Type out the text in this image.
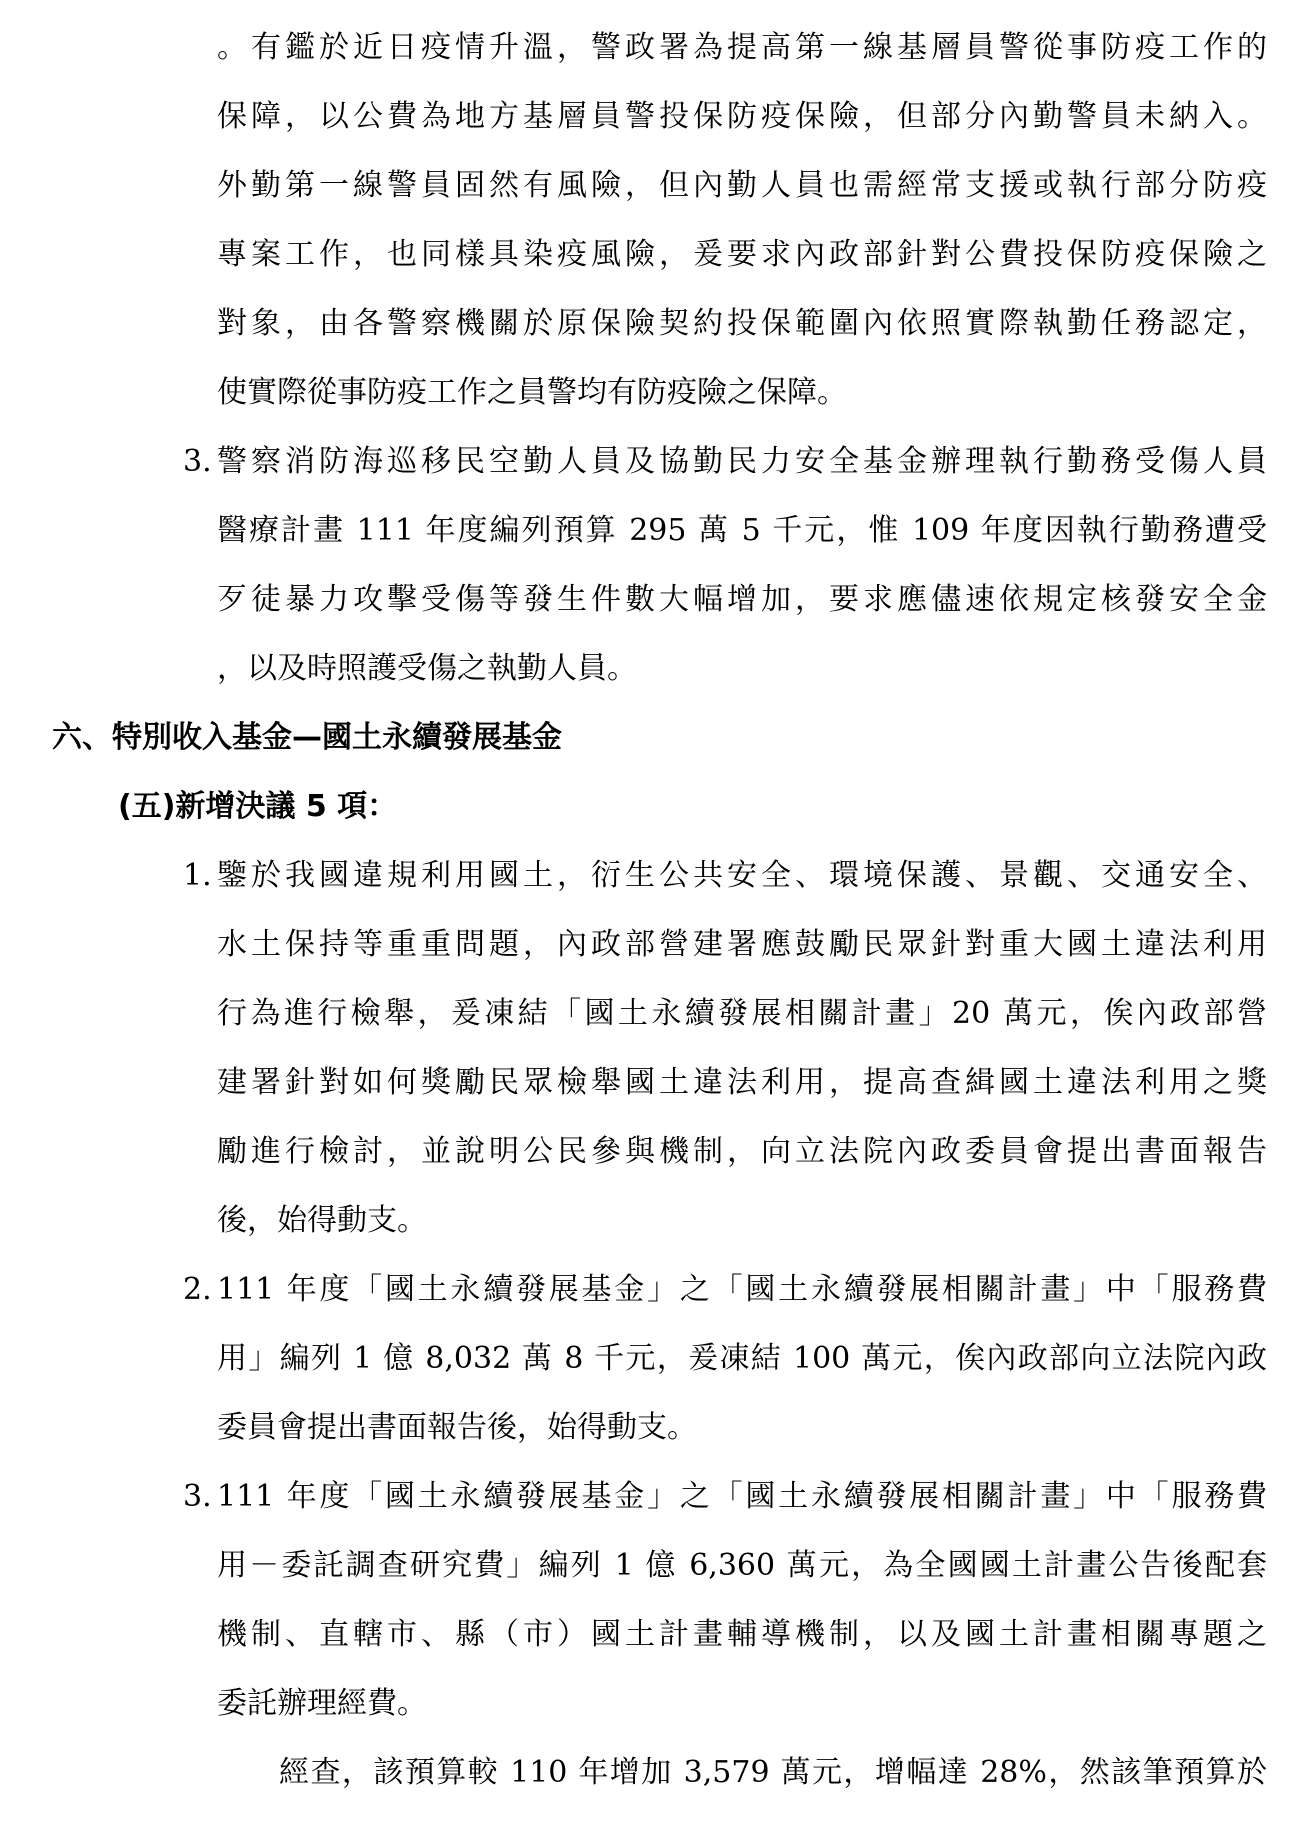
。有鑑於近日疫情升溫，警政署為提高第一線基層員警從事防疫工作的
保障，以公費為地方基層員警投保防疫保險，但部分內勤警員未納入。
外勤第一線警員固然有風險，但內勤人員也需經常支援或執行部分防疫
專案工作，也同樣具染疫風險，爰要求內政部針對公費投保防疫保險之
對象，由各警察機關於原保險契約投保範圍內依照實際執勤任務認定，
使實際從事防疫工作之員警均有防疫險之保障。
3. 警察消防海巡移民空勤人員及協勤民力安全基金辦理執行勤務受傷人員
醫療計畫 111 年度編列預算 295 萬 5 千元，惟 109 年度因執行勤務遭受
歹徒暴力攻擊受傷等發生件數大幅增加，要求應儘速依規定核發安全金
，以及時照護受傷之執勤人員。
六、特別收入基金—國土永續發展基金
(五)新增決議 5 項：
1. 鑒於我國違規利用國土，衍生公共安全、環境保護、景觀、交通安全、
水土保持等重重問題，內政部營建署應鼓勵民眾針對重大國土違法利用
行為進行檢舉，爰凍結「國土永續發展相關計畫」20 萬元，俟內政部營
建署針對如何獎勵民眾檢舉國土違法利用，提高查緝國土違法利用之獎
勵進行檢討，並說明公民參與機制，向立法院內政委員會提出書面報告
後，始得動支。
2. 111 年度「國土永續發展基金」之「國土永續發展相關計畫」中「服務費
用」編列 1 億 8,032 萬 8 千元，爰凍結 100 萬元，俟內政部向立法院內政
委員會提出書面報告後，始得動支。
3. 111 年度「國土永續發展基金」之「國土永續發展相關計畫」中「服務費
用－委託調查研究費」編列 1 億 6,360 萬元，為全國國土計畫公告後配套
機制、直轄市、縣（市）國土計畫輔導機制，以及國土計畫相關專題之
委託辦理經費。
經查，該預算較 110 年增加 3,579 萬元，增幅達 28%，然該筆預算於
